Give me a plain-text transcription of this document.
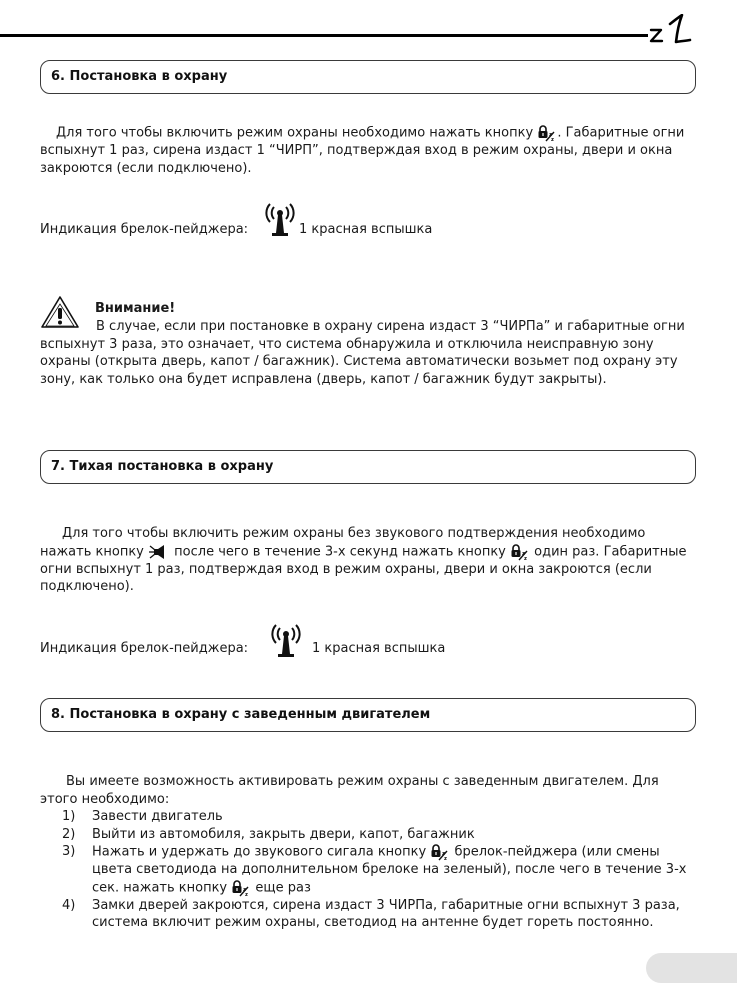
6. Постановка в охрану

Для того чтобы включить режим охраны необходимо нажать кнопку	z
z . Габаритные огни вспыхнут 1 раз, сирена издаст 1 “ЧИРП”, подтверждая вход в режим охраны, двери и окна закроются (если подключено).

Индикация брелок-пейджера:	1 красная вспышка
Внимание!

В случае, если при постановке в охрану сирена издаст 3 “ЧИРПа” и габаритные огни вспыхнут 3 раза, это означает, что система обнаружила и отключила неисправную зону охраны (открыта дверь, капот / багажник). Система автоматически возьмет под охрану эту зону, как только она будет исправлена (дверь, капот / багажник будут закрыты).

7. Тихая постановка в охрану

Для того чтобы включить режим охраны без звукового подтверждения необходимо нажать кнопку после чего в течение 3-х секунд нажать кнопку	z
z один раз. Габаритные огни вспыхнут 1 раз, подтверждая вход в режим охраны, двери и окна закроются (если подключено).

Индикация брелок-пейджера:	1 красная вспышка
8. Постановка в охрану с заведенным двигателем

Вы имеете возможность активировать режим охраны с заведенным двигателем. Для этого необходимо:

1)	Завести двигатель
2)	Выйти из автомобиля, закрыть двери, капот, багажник
3)	Нажать и удержать до звукового сигала кнопку	z
z брелок-пейджера (или смены цвета светодиода на дополнительном брелоке на зеленый), после чего в течение 3-х сек. нажать кнопку	z
z еще раз
4)	Замки дверей закроются, сирена издаст 3 ЧИРПа, габаритные огни вспыхнут 3 раза, система включит режим охраны, светодиод на антенне будет гореть постоянно.
